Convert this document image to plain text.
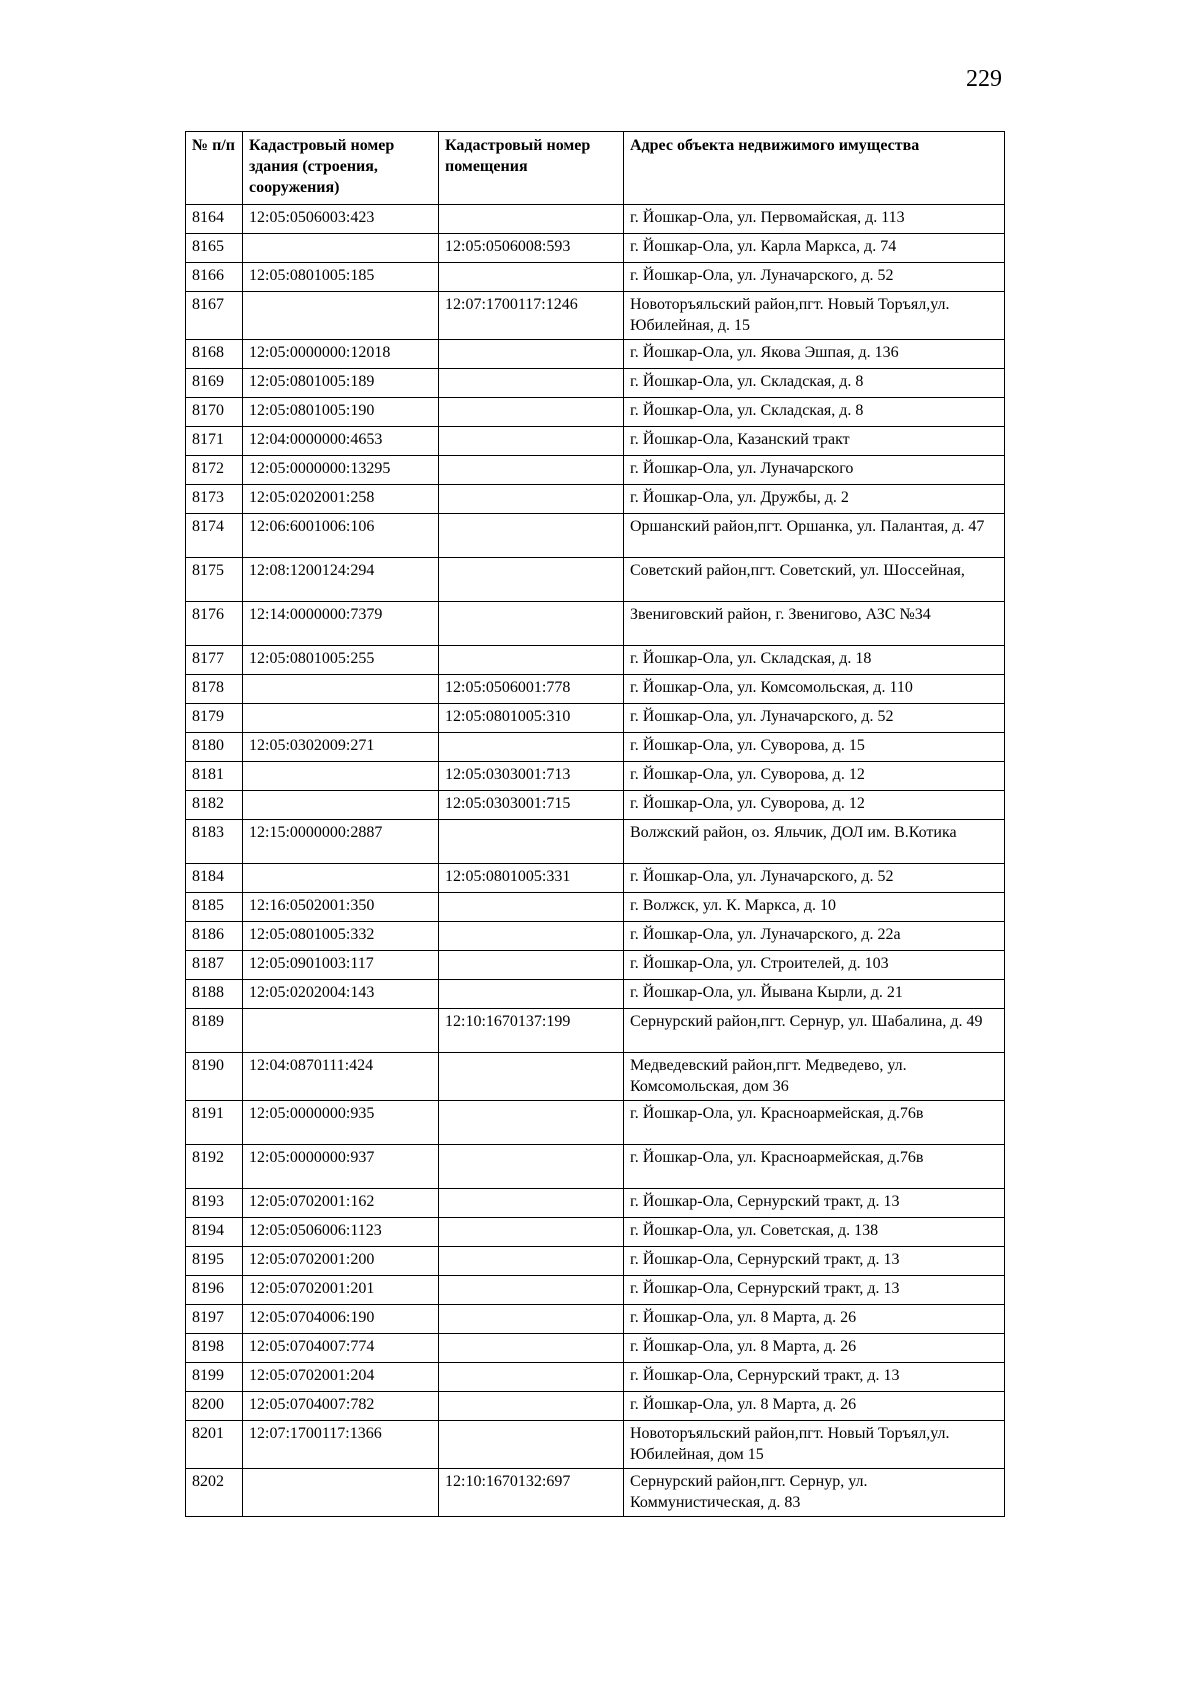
229
№ п/п	Кадастровый номер здания (строения, сооружения)	Кадастровый номер помещения	Адрес объекта недвижимого имущества
8164	12:05:0506003:423		г. Йошкар-Ола, ул. Первомайская, д. 113
8165		12:05:0506008:593	г. Йошкар-Ола, ул. Карла Маркса, д. 74
8166	12:05:0801005:185		г. Йошкар-Ола, ул. Луначарского, д. 52
8167		12:07:1700117:1246	Новоторъяльский район,пгт. Новый Торъял,ул. Юбилейная, д. 15
8168	12:05:0000000:12018		г. Йошкар-Ола, ул. Якова Эшпая, д. 136
8169	12:05:0801005:189		г. Йошкар-Ола, ул. Складская, д. 8
8170	12:05:0801005:190		г. Йошкар-Ола, ул. Складская, д. 8
8171	12:04:0000000:4653		г. Йошкар-Ола, Казанский тракт
8172	12:05:0000000:13295		г. Йошкар-Ола, ул. Луначарского
8173	12:05:0202001:258		г. Йошкар-Ола, ул. Дружбы, д. 2
8174	12:06:6001006:106		Оршанский район,пгт. Оршанка, ул. Палантая, д. 47
8175	12:08:1200124:294		Советский район,пгт. Советский, ул. Шоссейная,
8176	12:14:0000000:7379		Звениговский район, г. Звенигово, АЗС №34
8177	12:05:0801005:255		г. Йошкар-Ола, ул. Складская, д. 18
8178		12:05:0506001:778	г. Йошкар-Ола, ул. Комсомольская, д. 110
8179		12:05:0801005:310	г. Йошкар-Ола, ул. Луначарского, д. 52
8180	12:05:0302009:271		г. Йошкар-Ола, ул. Суворова, д. 15
8181		12:05:0303001:713	г. Йошкар-Ола, ул. Суворова, д. 12
8182		12:05:0303001:715	г. Йошкар-Ола, ул. Суворова, д. 12
8183	12:15:0000000:2887		Волжский район, оз. Яльчик, ДОЛ им. В.Котика
8184		12:05:0801005:331	г. Йошкар-Ола, ул. Луначарского, д. 52
8185	12:16:0502001:350		г. Волжск, ул. К. Маркса, д. 10
8186	12:05:0801005:332		г. Йошкар-Ола, ул. Луначарского, д. 22а
8187	12:05:0901003:117		г. Йошкар-Ола, ул. Строителей, д. 103
8188	12:05:0202004:143		г. Йошкар-Ола, ул. Йывана Кырли, д. 21
8189		12:10:1670137:199	Сернурский район,пгт. Сернур, ул. Шабалина, д. 49
8190	12:04:0870111:424		Медведевский район,пгт. Медведево, ул. Комсомольская, дом 36
8191	12:05:0000000:935		г. Йошкар-Ола, ул. Красноармейская, д.76в
8192	12:05:0000000:937		г. Йошкар-Ола, ул. Красноармейская, д.76в
8193	12:05:0702001:162		г. Йошкар-Ола, Сернурский тракт, д. 13
8194	12:05:0506006:1123		г. Йошкар-Ола, ул. Советская, д. 138
8195	12:05:0702001:200		г. Йошкар-Ола, Сернурский тракт, д. 13
8196	12:05:0702001:201		г. Йошкар-Ола, Сернурский тракт, д. 13
8197	12:05:0704006:190		г. Йошкар-Ола, ул. 8 Марта, д. 26
8198	12:05:0704007:774		г. Йошкар-Ола, ул. 8 Марта, д. 26
8199	12:05:0702001:204		г. Йошкар-Ола, Сернурский тракт, д. 13
8200	12:05:0704007:782		г. Йошкар-Ола, ул. 8 Марта, д. 26
8201	12:07:1700117:1366		Новоторъяльский район,пгт. Новый Торъял,ул. Юбилейная, дом 15
8202		12:10:1670132:697	Сернурский район,пгт. Сернур, ул. Коммунистическая, д. 83
